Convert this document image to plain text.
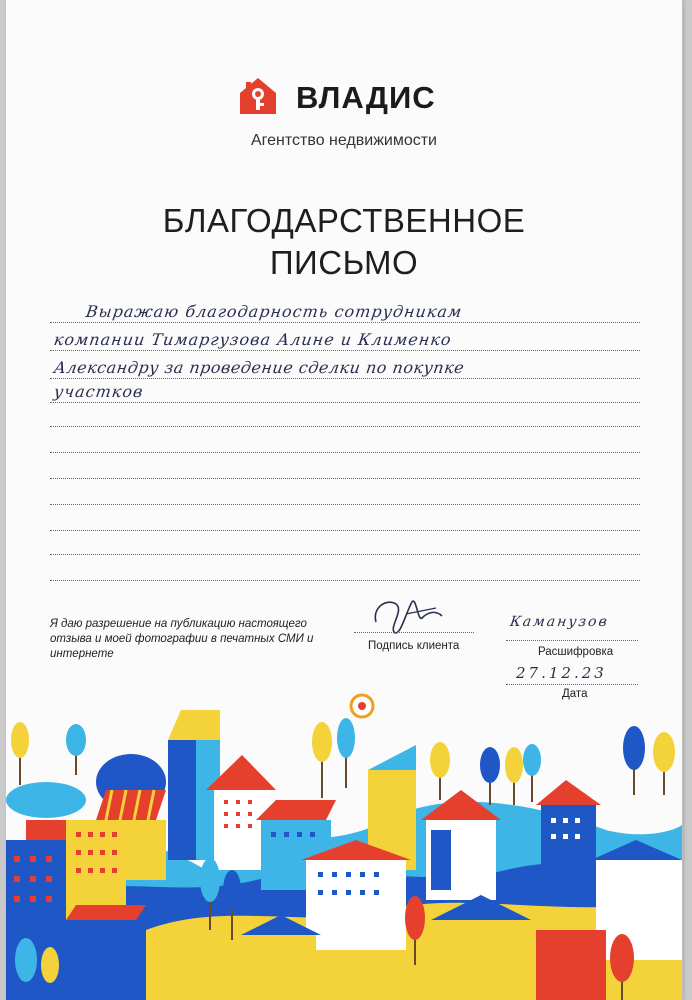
ВЛАДИС
Агентство недвижимости
БЛАГОДАРСТВЕННОЕ
ПИСЬМО
Выражаю благодарность сотрудникам
компании Тимаргузова Алине и Клименко
Александру за проведение сделки по покупке
участков
Я даю разрешение на публикацию настоящего отзыва и моей фотографии в печатных СМИ и интернете
Подпись клиента
Каманузов
Расшифровка
27.12.23
Дата
